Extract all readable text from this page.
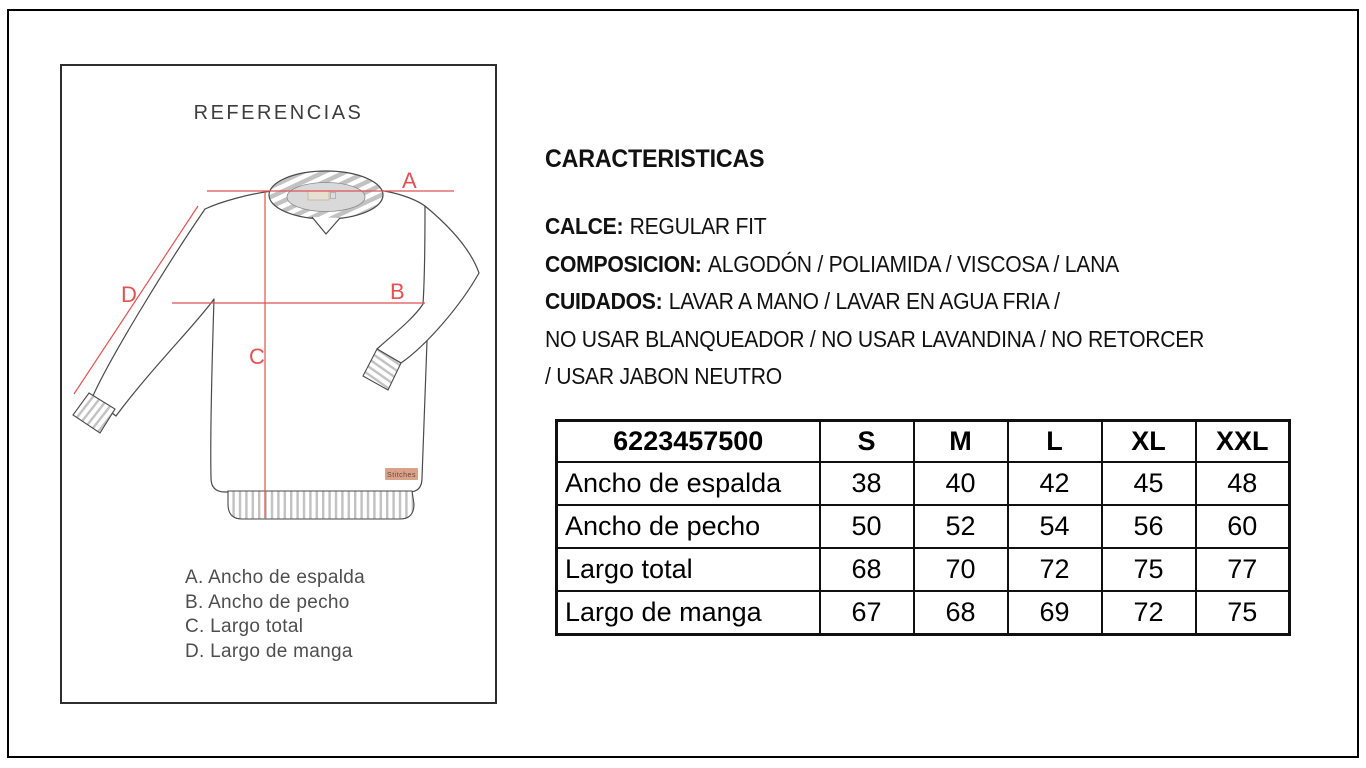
REFERENCIAS
A
B
C
D
Stitches
A. Ancho de espalda
B. Ancho de pecho
C. Largo total
D. Largo de manga
CARACTERISTICAS
CALCE: REGULAR FIT
COMPOSICION: ALGODÓN / POLIAMIDA / VISCOSA / LANA
CUIDADOS: LAVAR A MANO / LAVAR EN AGUA FRIA /
NO USAR BLANQUEADOR / NO USAR LAVANDINA / NO RETORCER
/ USAR JABON NEUTRO
6223457500	S	M	L	XL	XXL
Ancho de espalda	38	40	42	45	48
Ancho de pecho	50	52	54	56	60
Largo total	68	70	72	75	77
Largo de manga	67	68	69	72	75
